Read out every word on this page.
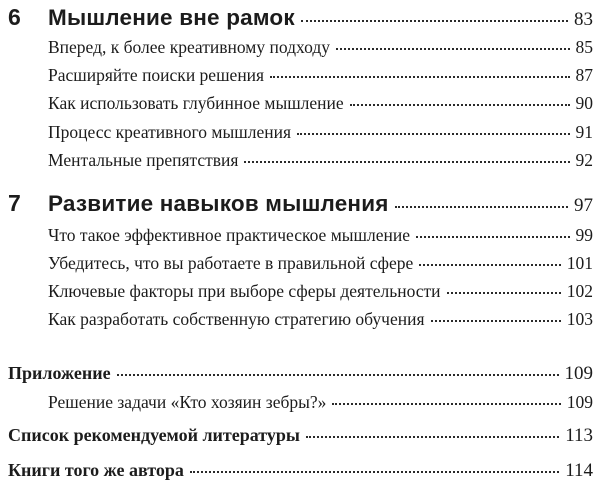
6	Мышление вне рамок	83
Вперед, к более креативному подходу	85
Расширяйте поиски решения	87
Как использовать глубинное мышление	90
Процесс креативного мышления	91
Ментальные препятствия	92
7	Развитие навыков мышления	97
Что такое эффективное практическое мышление	99
Убедитесь, что вы работаете в правильной сфере	101
Ключевые факторы при выборе сферы деятельности	102
Как разработать собственную стратегию обучения	103
Приложение	109
Решение задачи «Кто хозяин зебры?»	109
Список рекомендуемой литературы	113
Книги того же автора	114
